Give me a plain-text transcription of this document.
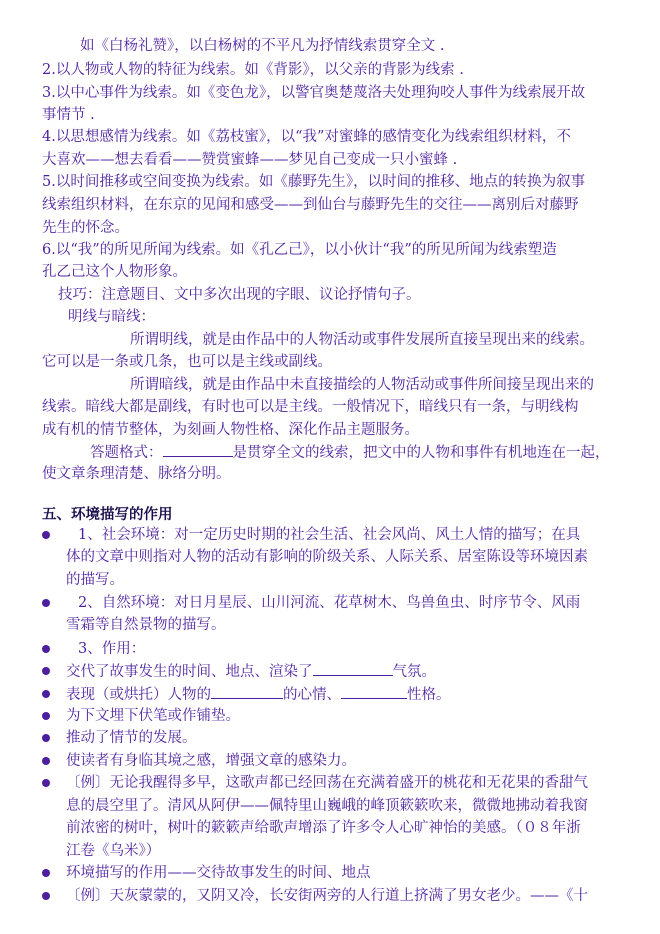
如《白杨礼赞》，以白杨树的不平凡为抒情线索贯穿全文 .
2.以人物或人物的特征为线索。如《背影》，以父亲的背影为线索 .
3.以中心事件为线索。如《变色龙》，以警官奥楚蔑洛夫处理狗咬人事件为线索展开故
事情节 .
4.以思想感情为线索。如《荔枝蜜》，以“我”对蜜蜂的感情变化为线索组织材料，不
大喜欢——想去看看——赞赏蜜蜂——梦见自己变成一只小蜜蜂 .
5.以时间推移或空间变换为线索。如《藤野先生》，以时间的推移、地点的转换为叙事
线索组织材料，在东京的见闻和感受——到仙台与藤野先生的交往——离别后对藤野
先生的怀念。
6.以“我”的所见所闻为线索。如《孔乙己》，以小伙计“我”的所见所闻为线索塑造
孔乙己这个人物形象。
技巧：注意题目、文中多次出现的字眼、议论抒情句子。
明线与暗线：
所谓明线，就是由作品中的人物活动或事件发展所直接呈现出来的线索。
它可以是一条或几条，也可以是主线或副线。
所谓暗线，就是由作品中未直接描绘的人物活动或事件所间接呈现出来的
线索。暗线大都是副线，有时也可以是主线。一般情况下，暗线只有一条，与明线构
成有机的情节整体，为刻画人物性格、深化作品主题服务。
答题格式：	是贯穿全文的线索，把文中的人物和事件有机地连在一起，
使文章条理清楚、脉络分明。
五、环境描写的作用
1、社会环境：对一定历史时期的社会生活、社会风尚、风土人情的描写；在具
体的文章中则指对人物的活动有影响的阶级关系、人际关系、居室陈设等环境因素
的描写。
2、自然环境：对日月星辰、山川河流、花草树木、鸟兽鱼虫、时序节令、风雨
雪霜等自然景物的描写。
3、作用：
交代了故事发生的时间、地点、渲染了	气氛。
表现（或烘托）人物的	的心情、	性格。
为下文埋下伏笔或作铺垫。
推动了情节的发展。
使读者有身临其境之感，增强文章的感染力。
〔例〕无论我醒得多早，这歌声都已经回荡在充满着盛开的桃花和无花果的香甜气
息的晨空里了。清风从阿伊——佩特里山巍峨的峰顶簌簌吹来，微微地拂动着我窗
前浓密的树叶，树叶的簌簌声给歌声增添了许多令人心旷神怡的美感。（０８年浙
江卷《乌米》）
环境描写的作用——交待故事发生的时间、地点
〔例〕天灰蒙蒙的，又阴又冷，长安街两旁的人行道上挤满了男女老少。——《十
